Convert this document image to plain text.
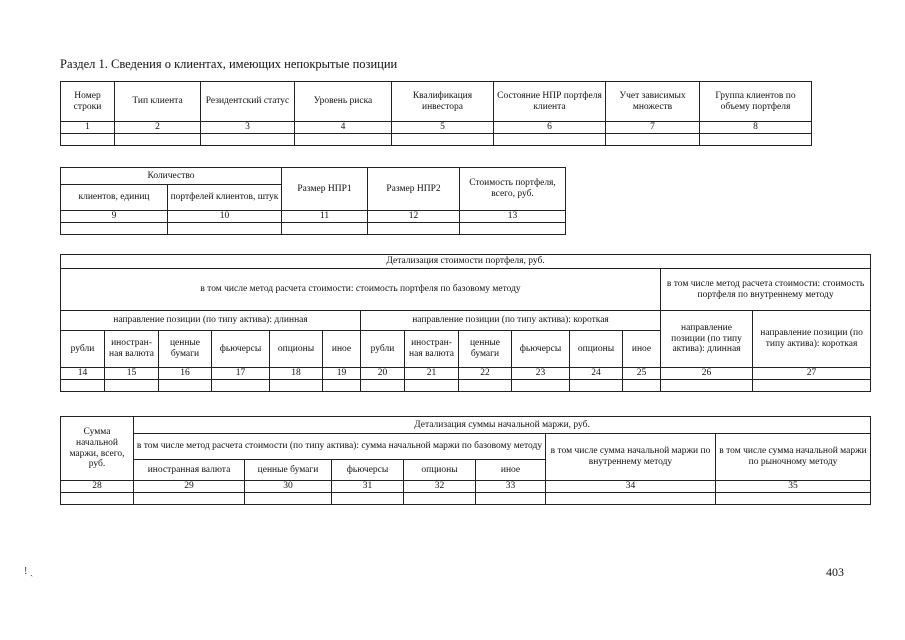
Раздел 1. Сведения о клиентах, имеющих непокрытые позиции
Номер строки	Тип клиента	Резидентский статус	Уровень риска	Квалификация инвестора	Состояние НПР портфеля клиента	Учет зависимых множеств	Группа клиентов по объему портфеля
1	2	3	4	5	6	7	8

Количество		Размер НПР1	Размер НПР2	Стоимость портфеля, всего, руб.
клиентов, единиц	портфелей клиентов, штук			
9	10	11	12	13

Детализация стоимости портфеля, руб.													
в том числе метод расчета стоимости: стоимость портфеля по базовому методу												в том числе метод расчета стоимости: стоимость портфеля по внутреннему методу	
направление позиции (по типу актива): длинная						направление позиции (по типу актива): короткая						направление позиции (по типу актива): длинная	направление позиции (по типу актива): короткая
рубли	иностран-ная валюта	ценные бумаги	фьючерсы	опционы	иное	рубли	иностран-ная валюта	ценные бумаги	фьючерсы	опционы	иное		
14	15	16	17	18	19	20	21	22	23	24	25	26	27

Сумма начальной маржи, всего, руб.	Детализация суммы начальной маржи, руб.						
	в том числе метод расчета стоимости (по типу актива): сумма начальной маржи по базовому методу					в том числе сумма начальной маржи по внутреннему методу	в том числе сумма начальной маржи по рыночному методу
	иностранная валюта	ценные бумаги	фьючерсы	опционы	иное		
28	29	30	31	32	33	34	35

! ˎ	403
